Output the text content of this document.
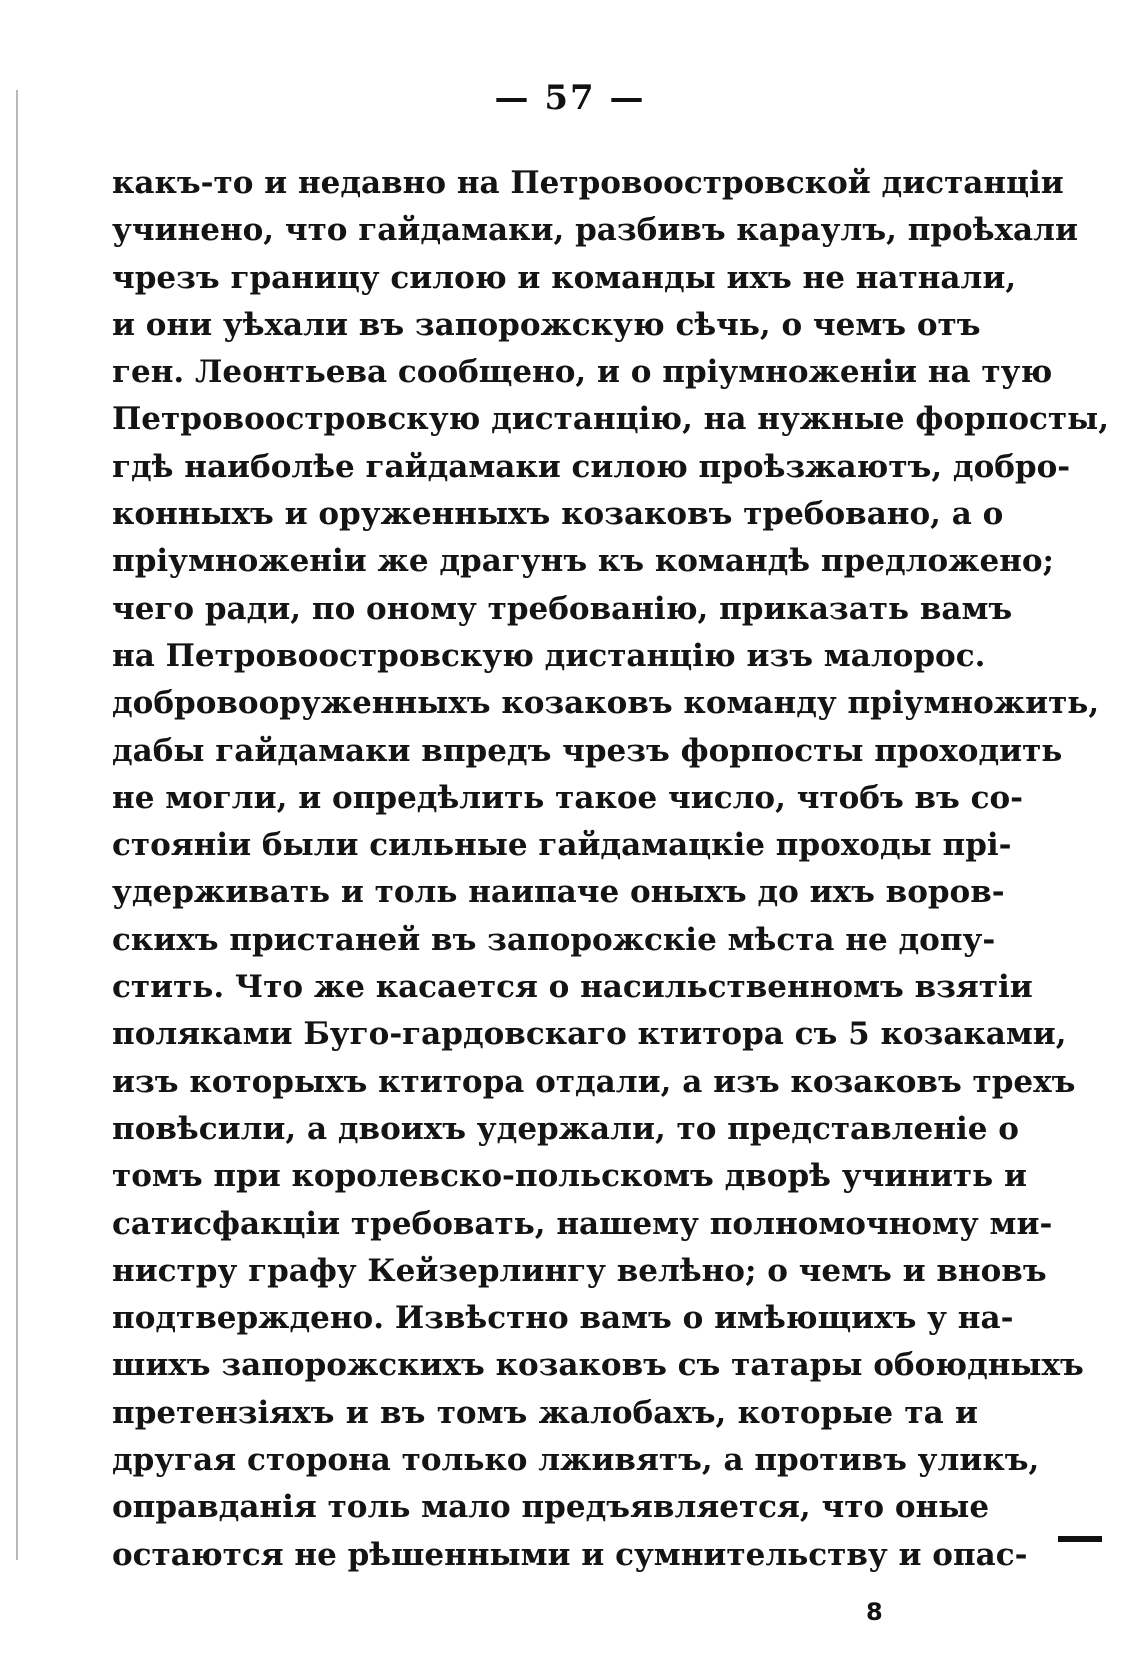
— 57 —
какъ-то и недавно на Петровоостровской дистанціи
учинено, что гайдамаки, разбивъ караулъ, проѣхали
чрезъ границу силою и команды ихъ не натнали,
и они уѣхали въ запорожскую сѣчь, о чемъ отъ
ген. Леонтьева сообщено, и о пріумноженіи на тую
Петровоостровскую дистанцію, на нужные форпосты,
гдѣ наиболѣе гайдамаки силою проѣзжаютъ, добро-
конныхъ и оруженныхъ козаковъ требовано, а о
пріумноженіи же драгунъ къ командѣ предложено;
чего ради, по оному требованію, приказать вамъ
на Петровоостровскую дистанцію изъ малорос.
добровооруженныхъ козаковъ команду пріумножить,
дабы гайдамаки впредъ чрезъ форпосты проходить
не могли, и опредѣлить такое число, чтобъ въ со-
стояніи были сильные гайдамацкіе проходы прі-
удерживать и толь наипаче оныхъ до ихъ воров-
скихъ пристаней въ запорожскіе мѣста не допу-
стить. Что же касается о насильственномъ взятіи
поляками Буго-гардовскаго ктитора съ 5 козаками,
изъ которыхъ ктитора отдали, а изъ козаковъ трехъ
повѣсили, а двоихъ удержали, то представленіе о
томъ при королевско-польскомъ дворѣ учинить и
сатисфакціи требовать, нашему полномочному ми-
нистру графу Кейзерлингу велѣно; о чемъ и вновъ
подтверждено. Извѣстно вамъ о имѣющихъ у на-
шихъ запорожскихъ козаковъ съ татары обоюдныхъ
претензіяхъ и въ томъ жалобахъ, которые та и
другая сторона только лживятъ, а противъ уликъ,
оправданія толь мало предъявляется, что оные
остаются не рѣшенными и сумнительству и опас-
8
